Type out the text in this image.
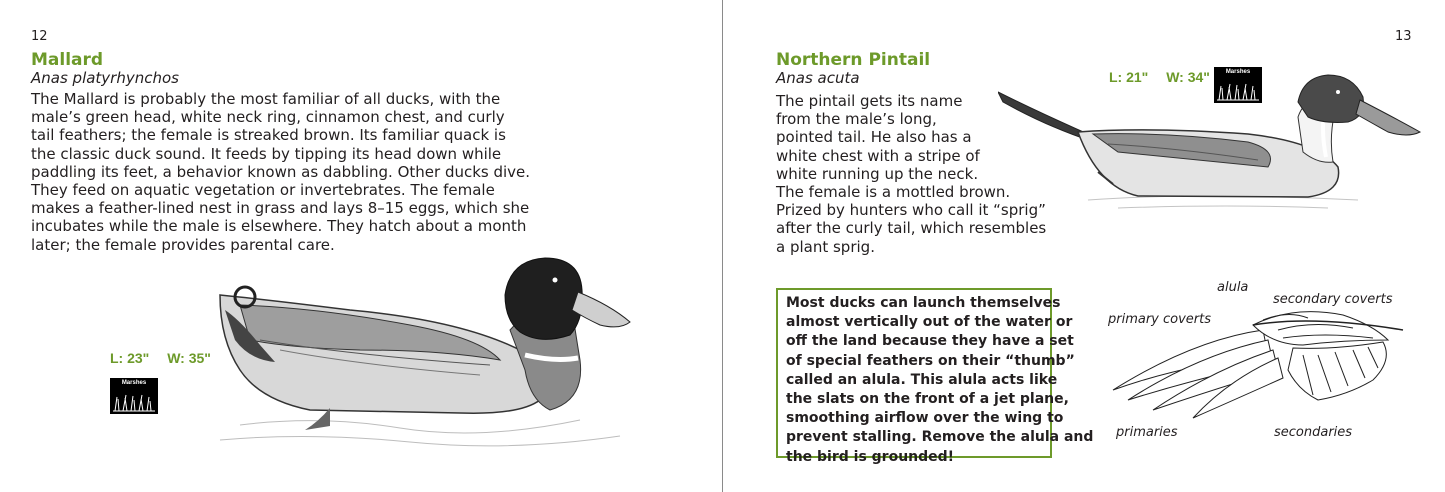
12
Mallard
Anas platyrhynchos
The Mallard is probably the most familiar of all ducks, with the
male’s green head, white neck ring, cinnamon chest, and curly
tail feathers; the female is streaked brown. Its familiar quack is
the classic duck sound. It feeds by tipping its head down while
paddling its feet, a behavior known as dabbling. Other ducks dive.
They feed on aquatic vegetation or invertebrates. The female
makes a feather-lined nest in grass and lays 8–15 eggs, which she
incubates while the male is elsewhere. They hatch about a month
later; the female provides parental care.
L: 23" W: 35"
Marshes
13
Northern Pintail
Anas acuta
The pintail gets its name
from the male’s long,
pointed tail. He also has a
white chest with a stripe of
white running up the neck.
The female is a mottled brown.
Prized by hunters who call it “sprig”
after the curly tail, which resembles
a plant sprig.
L: 21" W: 34"	Marshes
Most ducks can launch themselves
almost vertically out of the water or
off the land because they have a set
of special feathers on their “thumb”
called an alula. This alula acts like
the slats on the front of a jet plane,
smoothing airflow over the wing to
prevent stalling. Remove the alula and
the bird is grounded!
alula
secondary coverts
primary coverts
primaries	secondaries
